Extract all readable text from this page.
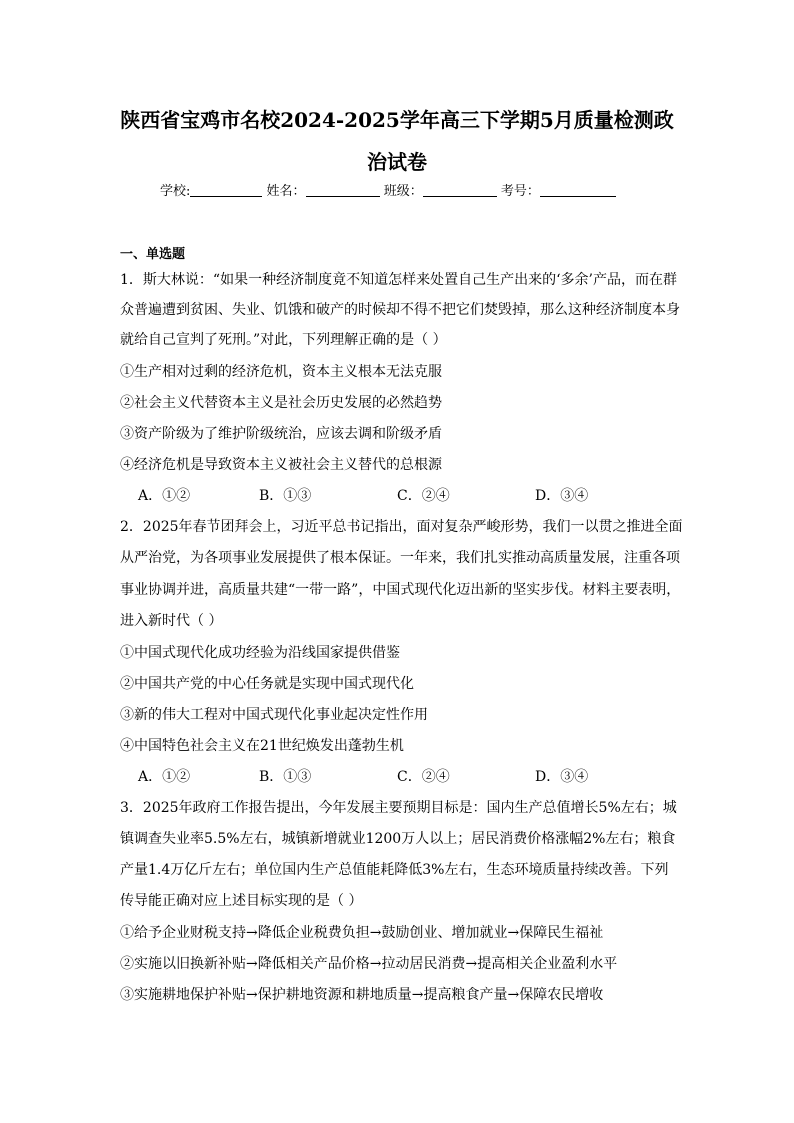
陕西省宝鸡市名校2024-2025学年高三下学期5月质量检测政
治试卷
学校:	姓名：	班级：	考号：
一、单选题
1．斯大林说：“如果一种经济制度竟不知道怎样来处置自己生产出来的‘多余’产品，而在群
众普遍遭到贫困、失业、饥饿和破产的时候却不得不把它们焚毁掉，那么这种经济制度本身
就给自己宣判了死刑。”对此，下列理解正确的是（ ）
①生产相对过剩的经济危机，资本主义根本无法克服
②社会主义代替资本主义是社会历史发展的必然趋势
③资产阶级为了维护阶级统治，应该去调和阶级矛盾
④经济危机是导致资本主义被社会主义替代的总根源
A．①②	B．①③	C．②④	D．③④
2．2025年春节团拜会上，习近平总书记指出，面对复杂严峻形势，我们一以贯之推进全面
从严治党，为各项事业发展提供了根本保证。一年来，我们扎实推动高质量发展，注重各项
事业协调并进，高质量共建“一带一路”，中国式现代化迈出新的坚实步伐。材料主要表明，
进入新时代（ ）
①中国式现代化成功经验为沿线国家提供借鉴
②中国共产党的中心任务就是实现中国式现代化
③新的伟大工程对中国式现代化事业起决定性作用
④中国特色社会主义在21世纪焕发出蓬勃生机
A．①②	B．①③	C．②④	D．③④
3．2025年政府工作报告提出，今年发展主要预期目标是：国内生产总值增长5%左右；城
镇调查失业率5.5%左右，城镇新增就业1200万人以上；居民消费价格涨幅2%左右；粮食
产量1.4万亿斤左右；单位国内生产总值能耗降低3%左右，生态环境质量持续改善。下列
传导能正确对应上述目标实现的是（ ）
①给予企业财税支持→降低企业税费负担→鼓励创业、增加就业→保障民生福祉
②实施以旧换新补贴→降低相关产品价格→拉动居民消费→提高相关企业盈利水平
③实施耕地保护补贴→保护耕地资源和耕地质量→提高粮食产量→保障农民增收
